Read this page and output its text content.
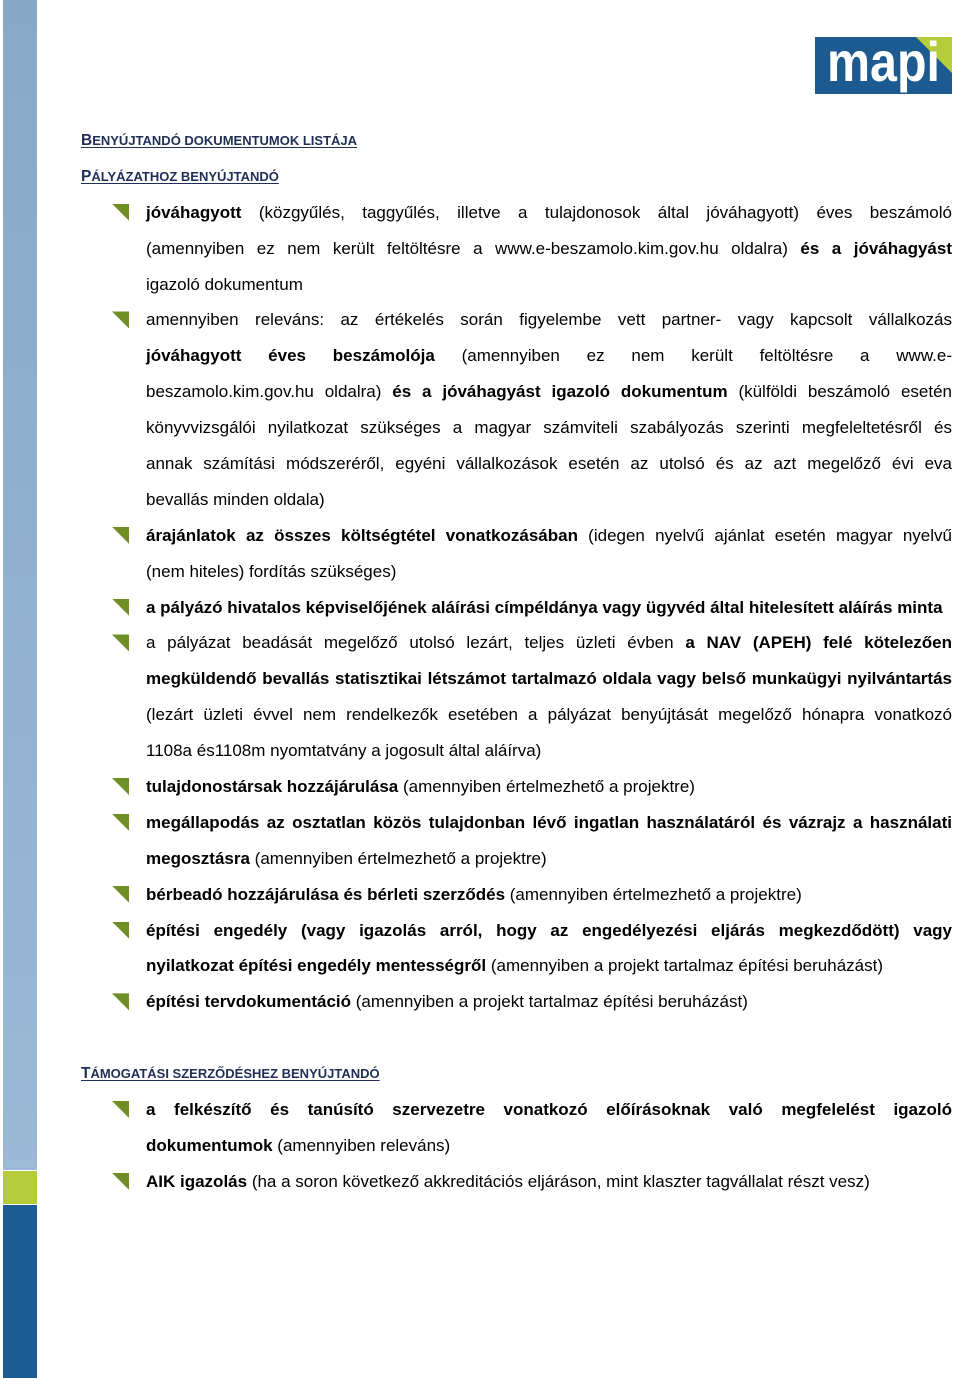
mapi
BENYÚJTANDÓ DOKUMENTUMOK LISTÁJA
PÁLYÁZATHOZ BENYÚJTANDÓ
jóváhagyott (közgyűlés, taggyűlés, illetve a tulajdonosok által jóváhagyott) éves beszámoló
(amennyiben ez nem került feltöltésre a www.e-beszamolo.kim.gov.hu oldalra) és a jóváhagyást
igazoló dokumentum
amennyiben releváns: az értékelés során figyelembe vett partner- vagy kapcsolt vállalkozás
jóváhagyott éves beszámolója (amennyiben ez nem került feltöltésre a www.e-
beszamolo.kim.gov.hu oldalra) és a jóváhagyást igazoló dokumentum (külföldi beszámoló esetén
könyvvizsgálói nyilatkozat szükséges a magyar számviteli szabályozás szerinti megfeleltetésről és
annak számítási módszeréről, egyéni vállalkozások esetén az utolsó és az azt megelőző évi eva
bevallás minden oldala)
árajánlatok az összes költségtétel vonatkozásában (idegen nyelvű ajánlat esetén magyar nyelvű
(nem hiteles) fordítás szükséges)
a pályázó hivatalos képviselőjének aláírási címpéldánya vagy ügyvéd által hitelesített aláírás minta
a pályázat beadását megelőző utolsó lezárt, teljes üzleti évben a NAV (APEH) felé kötelezően
megküldendő bevallás statisztikai létszámot tartalmazó oldala vagy belső munkaügyi nyilvántartás
(lezárt üzleti évvel nem rendelkezők esetében a pályázat benyújtását megelőző hónapra vonatkozó
1108a és1108m nyomtatvány a jogosult által aláírva)
tulajdonostársak hozzájárulása (amennyiben értelmezhető a projektre)
megállapodás az osztatlan közös tulajdonban lévő ingatlan használatáról és vázrajz a használati
megosztásra (amennyiben értelmezhető a projektre)
bérbeadó hozzájárulása és bérleti szerződés (amennyiben értelmezhető a projektre)
építési engedély (vagy igazolás arról, hogy az engedélyezési eljárás megkezdődött) vagy
nyilatkozat építési engedély mentességről (amennyiben a projekt tartalmaz építési beruházást)
építési tervdokumentáció (amennyiben a projekt tartalmaz építési beruházást)
TÁMOGATÁSI SZERZŐDÉSHEZ BENYÚJTANDÓ
a felkészítő és tanúsító szervezetre vonatkozó előírásoknak való megfelelést igazoló
dokumentumok (amennyiben releváns)
AIK igazolás (ha a soron következő akkreditációs eljáráson, mint klaszter tagvállalat részt vesz)
